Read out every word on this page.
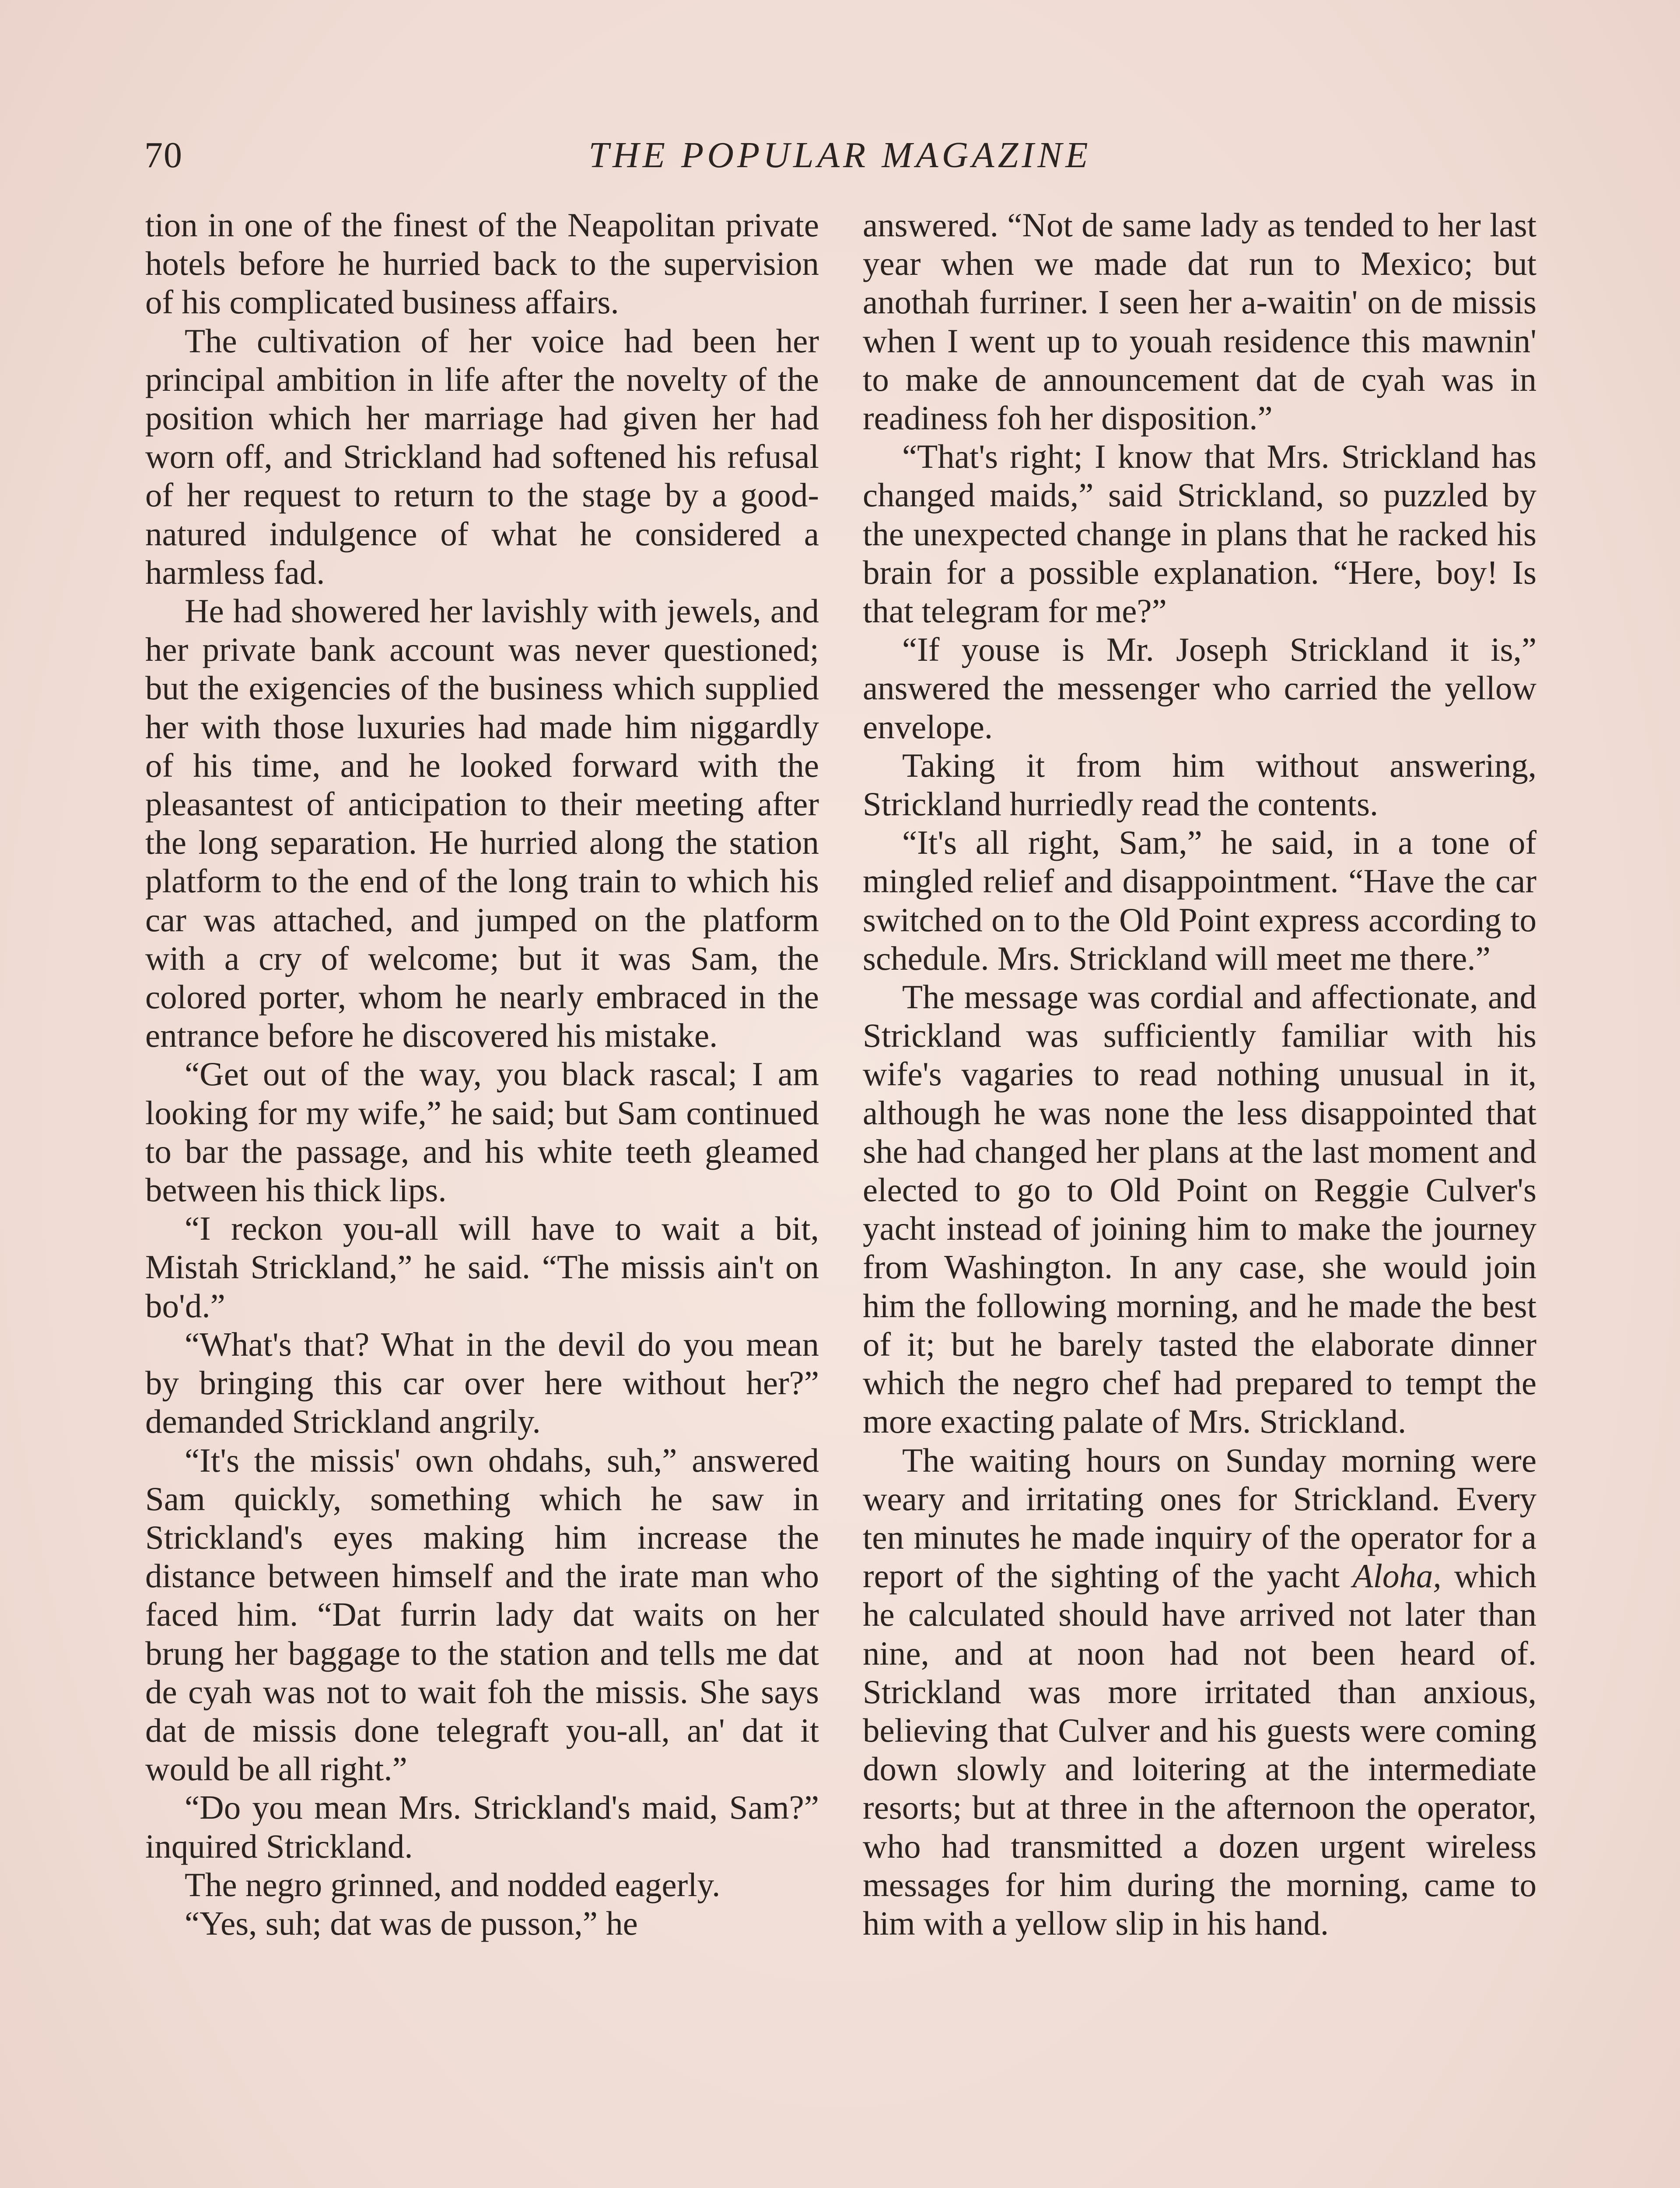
70	THE POPULAR MAGAZINE

tion in one of the finest of the Neapolitan private hotels before he hurried back to the supervision of his complicated business affairs.

The cultivation of her voice had been her principal ambition in life after the novelty of the position which her marriage had given her had worn off, and Strickland had softened his refusal of her request to return to the stage by a good-natured indulgence of what he considered a harmless fad.

He had showered her lavishly with jewels, and her private bank account was never questioned; but the exigencies of the business which supplied her with those luxuries had made him niggardly of his time, and he looked forward with the pleasantest of anticipation to their meeting after the long separation. He hurried along the station platform to the end of the long train to which his car was attached, and jumped on the platform with a cry of welcome; but it was Sam, the colored porter, whom he nearly embraced in the entrance before he discovered his mistake.

“Get out of the way, you black rascal; I am looking for my wife,” he said; but Sam continued to bar the passage, and his white teeth gleamed between his thick lips.

“I reckon you-all will have to wait a bit, Mistah Strickland,” he said. “The missis ain't on bo'd.”

“What's that? What in the devil do you mean by bringing this car over here without her?” demanded Strickland angrily.

“It's the missis' own ohdahs, suh,” answered Sam quickly, something which he saw in Strickland's eyes making him increase the distance between himself and the irate man who faced him. “Dat furrin lady dat waits on her brung her baggage to the station and tells me dat de cyah was not to wait foh the missis. She says dat de missis done telegraft you-all, an' dat it would be all right.”

“Do you mean Mrs. Strickland's maid, Sam?” inquired Strickland.

The negro grinned, and nodded eagerly.

“Yes, suh; dat was de pusson,” he

answered. “Not de same lady as tended to her last year when we made dat run to Mexico; but anothah furriner. I seen her a-waitin' on de missis when I went up to youah residence this mawnin' to make de announcement dat de cyah was in readiness foh her disposition.”

“That's right; I know that Mrs. Strickland has changed maids,” said Strickland, so puzzled by the unexpected change in plans that he racked his brain for a possible explanation. “Here, boy! Is that telegram for me?”

“If youse is Mr. Joseph Strickland it is,” answered the messenger who carried the yellow envelope.

Taking it from him without answering, Strickland hurriedly read the contents.

“It's all right, Sam,” he said, in a tone of mingled relief and disappointment. “Have the car switched on to the Old Point express according to schedule. Mrs. Strickland will meet me there.”

The message was cordial and affectionate, and Strickland was sufficiently familiar with his wife's vagaries to read nothing unusual in it, although he was none the less disappointed that she had changed her plans at the last moment and elected to go to Old Point on Reggie Culver's yacht instead of joining him to make the journey from Washington. In any case, she would join him the following morning, and he made the best of it; but he barely tasted the elaborate dinner which the negro chef had prepared to tempt the more exacting palate of Mrs. Strickland.

The waiting hours on Sunday morning were weary and irritating ones for Strickland. Every ten minutes he made inquiry of the operator for a report of the sighting of the yacht Aloha, which he calculated should have arrived not later than nine, and at noon had not been heard of. Strickland was more irritated than anxious, believing that Culver and his guests were coming down slowly and loitering at the intermediate resorts; but at three in the afternoon the operator, who had transmitted a dozen urgent wireless messages for him during the morning, came to him with a yellow slip in his hand.
